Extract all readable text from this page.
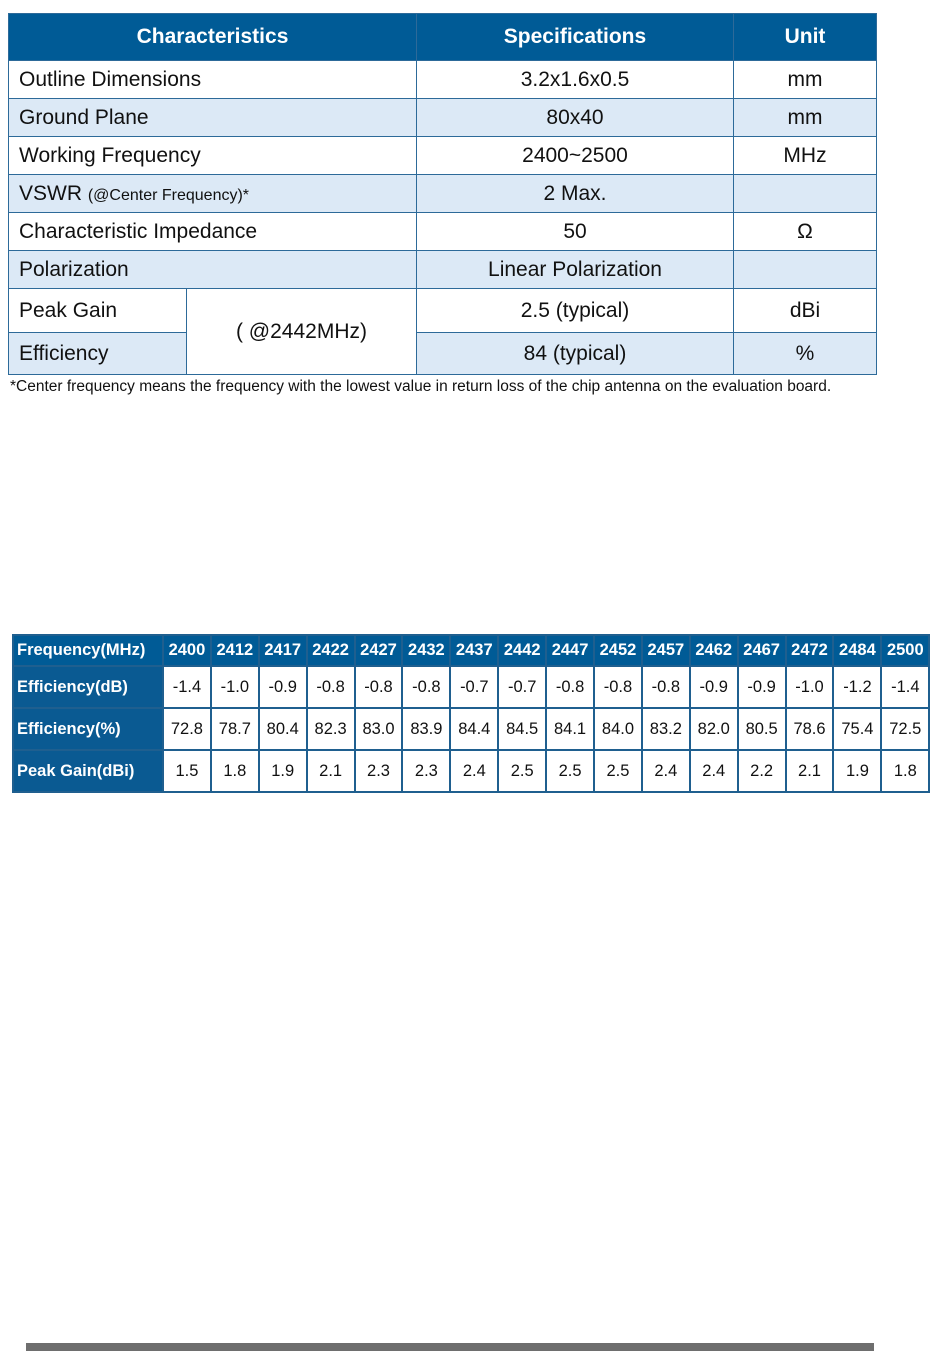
Characteristics		Specifications	Unit
Outline Dimensions		3.2x1.6x0.5	mm
Ground Plane		80x40	mm
Working Frequency		2400~2500	MHz
VSWR (@Center Frequency)*		2 Max.	
Characteristic Impedance		50	Ω
Polarization		Linear Polarization	
Peak Gain	( @2442MHz)	2.5 (typical)	dBi
Efficiency		84 (typical)	%
*Center frequency means the frequency with the lowest value in return loss of the chip antenna on the evaluation board.
Frequency(MHz)	2400	2412	2417	2422	2427	2432	2437	2442	2447	2452	2457	2462	2467	2472	2484	2500
Efficiency(dB)	-1.4	-1.0	-0.9	-0.8	-0.8	-0.8	-0.7	-0.7	-0.8	-0.8	-0.8	-0.9	-0.9	-1.0	-1.2	-1.4
Efficiency(%)	72.8	78.7	80.4	82.3	83.0	83.9	84.4	84.5	84.1	84.0	83.2	82.0	80.5	78.6	75.4	72.5
Peak Gain(dBi)	1.5	1.8	1.9	2.1	2.3	2.3	2.4	2.5	2.5	2.5	2.4	2.4	2.2	2.1	1.9	1.8
